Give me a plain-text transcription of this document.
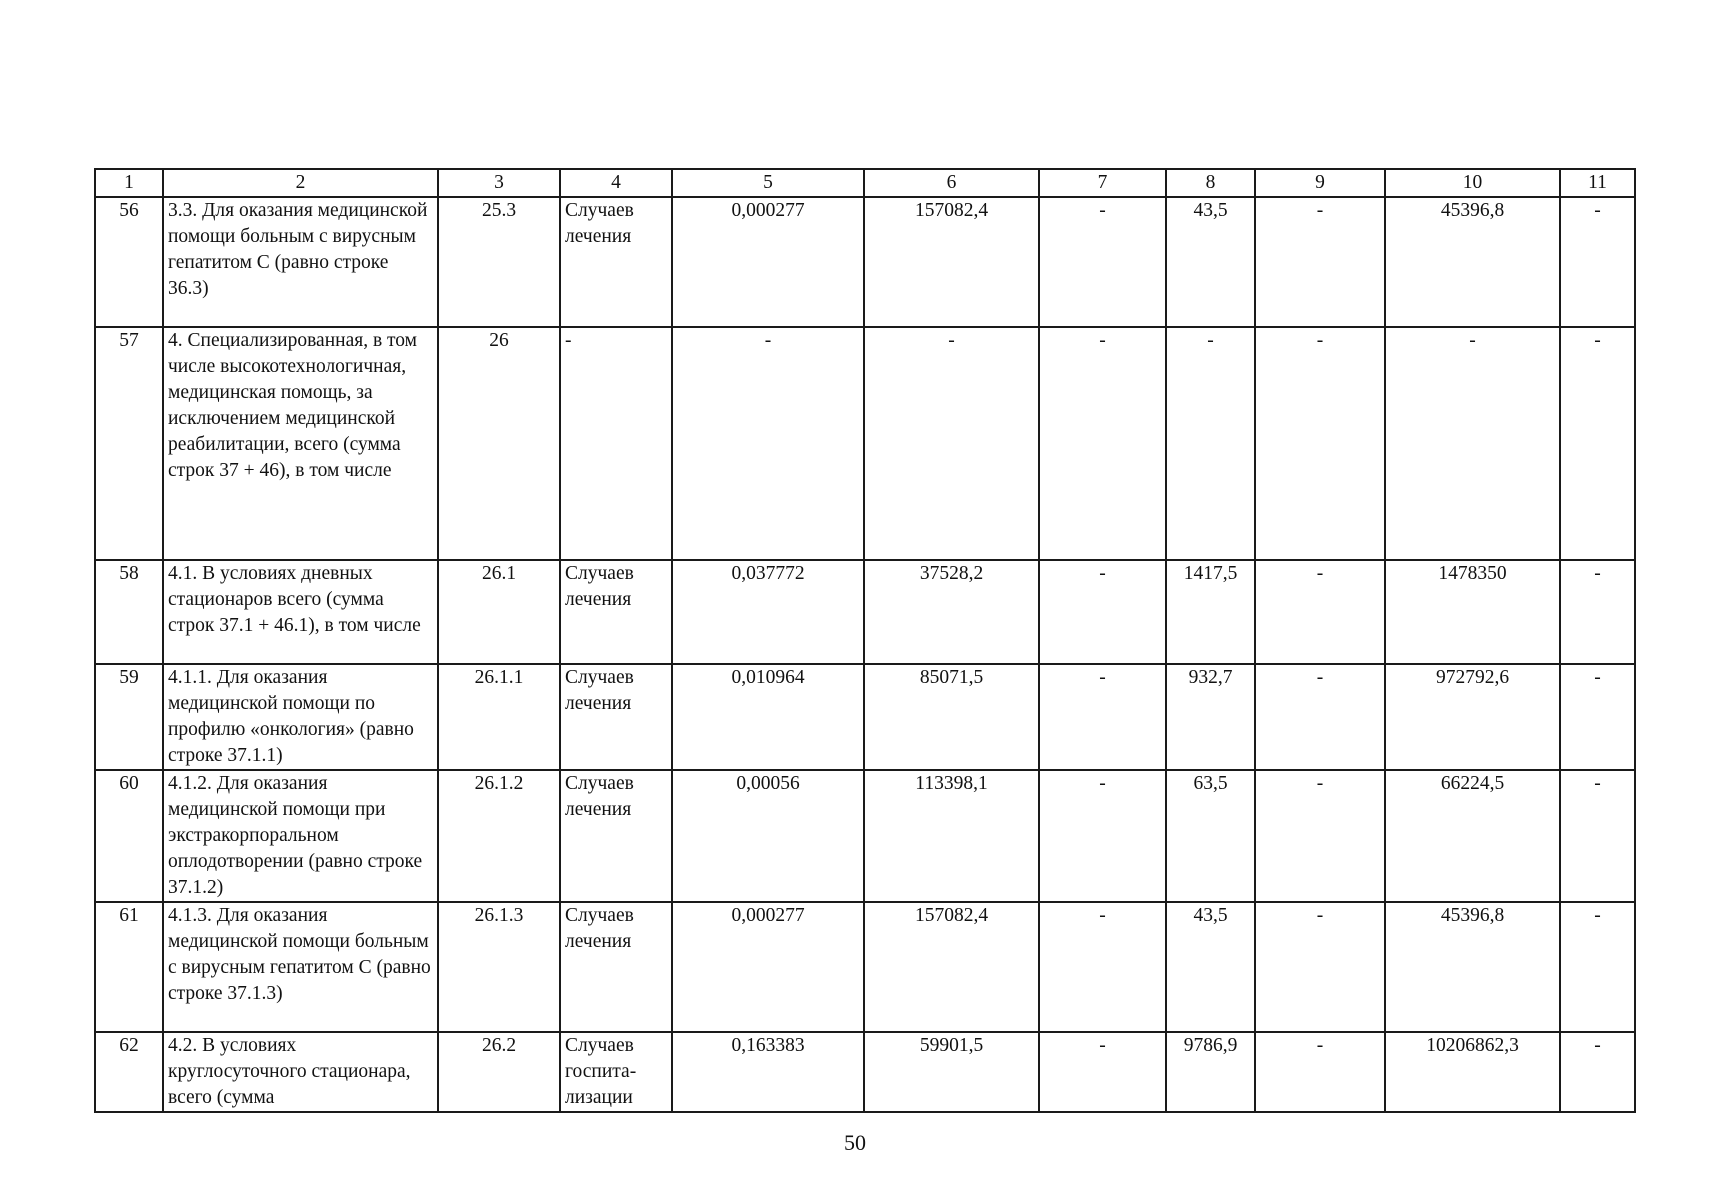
1	2	3	4	5	6	7	8	9	10	11
56	3.3. Для оказания медицинской помощи больным с вирусным гепатитом С (равно строке 36.3)	25.3	Случаев лечения	0,000277	157082,4	-	43,5	-	45396,8	-
57	4. Специализированная, в том числе высокотехнологичная, медицинская помощь, за исключением медицинской реабилитации, всего (сумма строк 37 + 46), в том числе	26	-	-	-	-	-	-	-	-
58	4.1. В условиях дневных стационаров всего (сумма строк 37.1 + 46.1), в том числе	26.1	Случаев лечения	0,037772	37528,2	-	1417,5	-	1478350	-
59	4.1.1. Для оказания медицинской помощи по профилю «онкология» (равно строке 37.1.1)	26.1.1	Случаев лечения	0,010964	85071,5	-	932,7	-	972792,6	-
60	4.1.2. Для оказания медицинской помощи при экстракорпоральном оплодотворении (равно строке 37.1.2)	26.1.2	Случаев лечения	0,00056	113398,1	-	63,5	-	66224,5	-
61	4.1.3. Для оказания медицинской помощи больным с вирусным гепатитом С (равно строке 37.1.3)	26.1.3	Случаев лечения	0,000277	157082,4	-	43,5	-	45396,8	-
62	4.2. В условиях круглосуточного стационара, всего (сумма	26.2	Случаев госпита-лизации	0,163383	59901,5	-	9786,9	-	10206862,3	-
50
